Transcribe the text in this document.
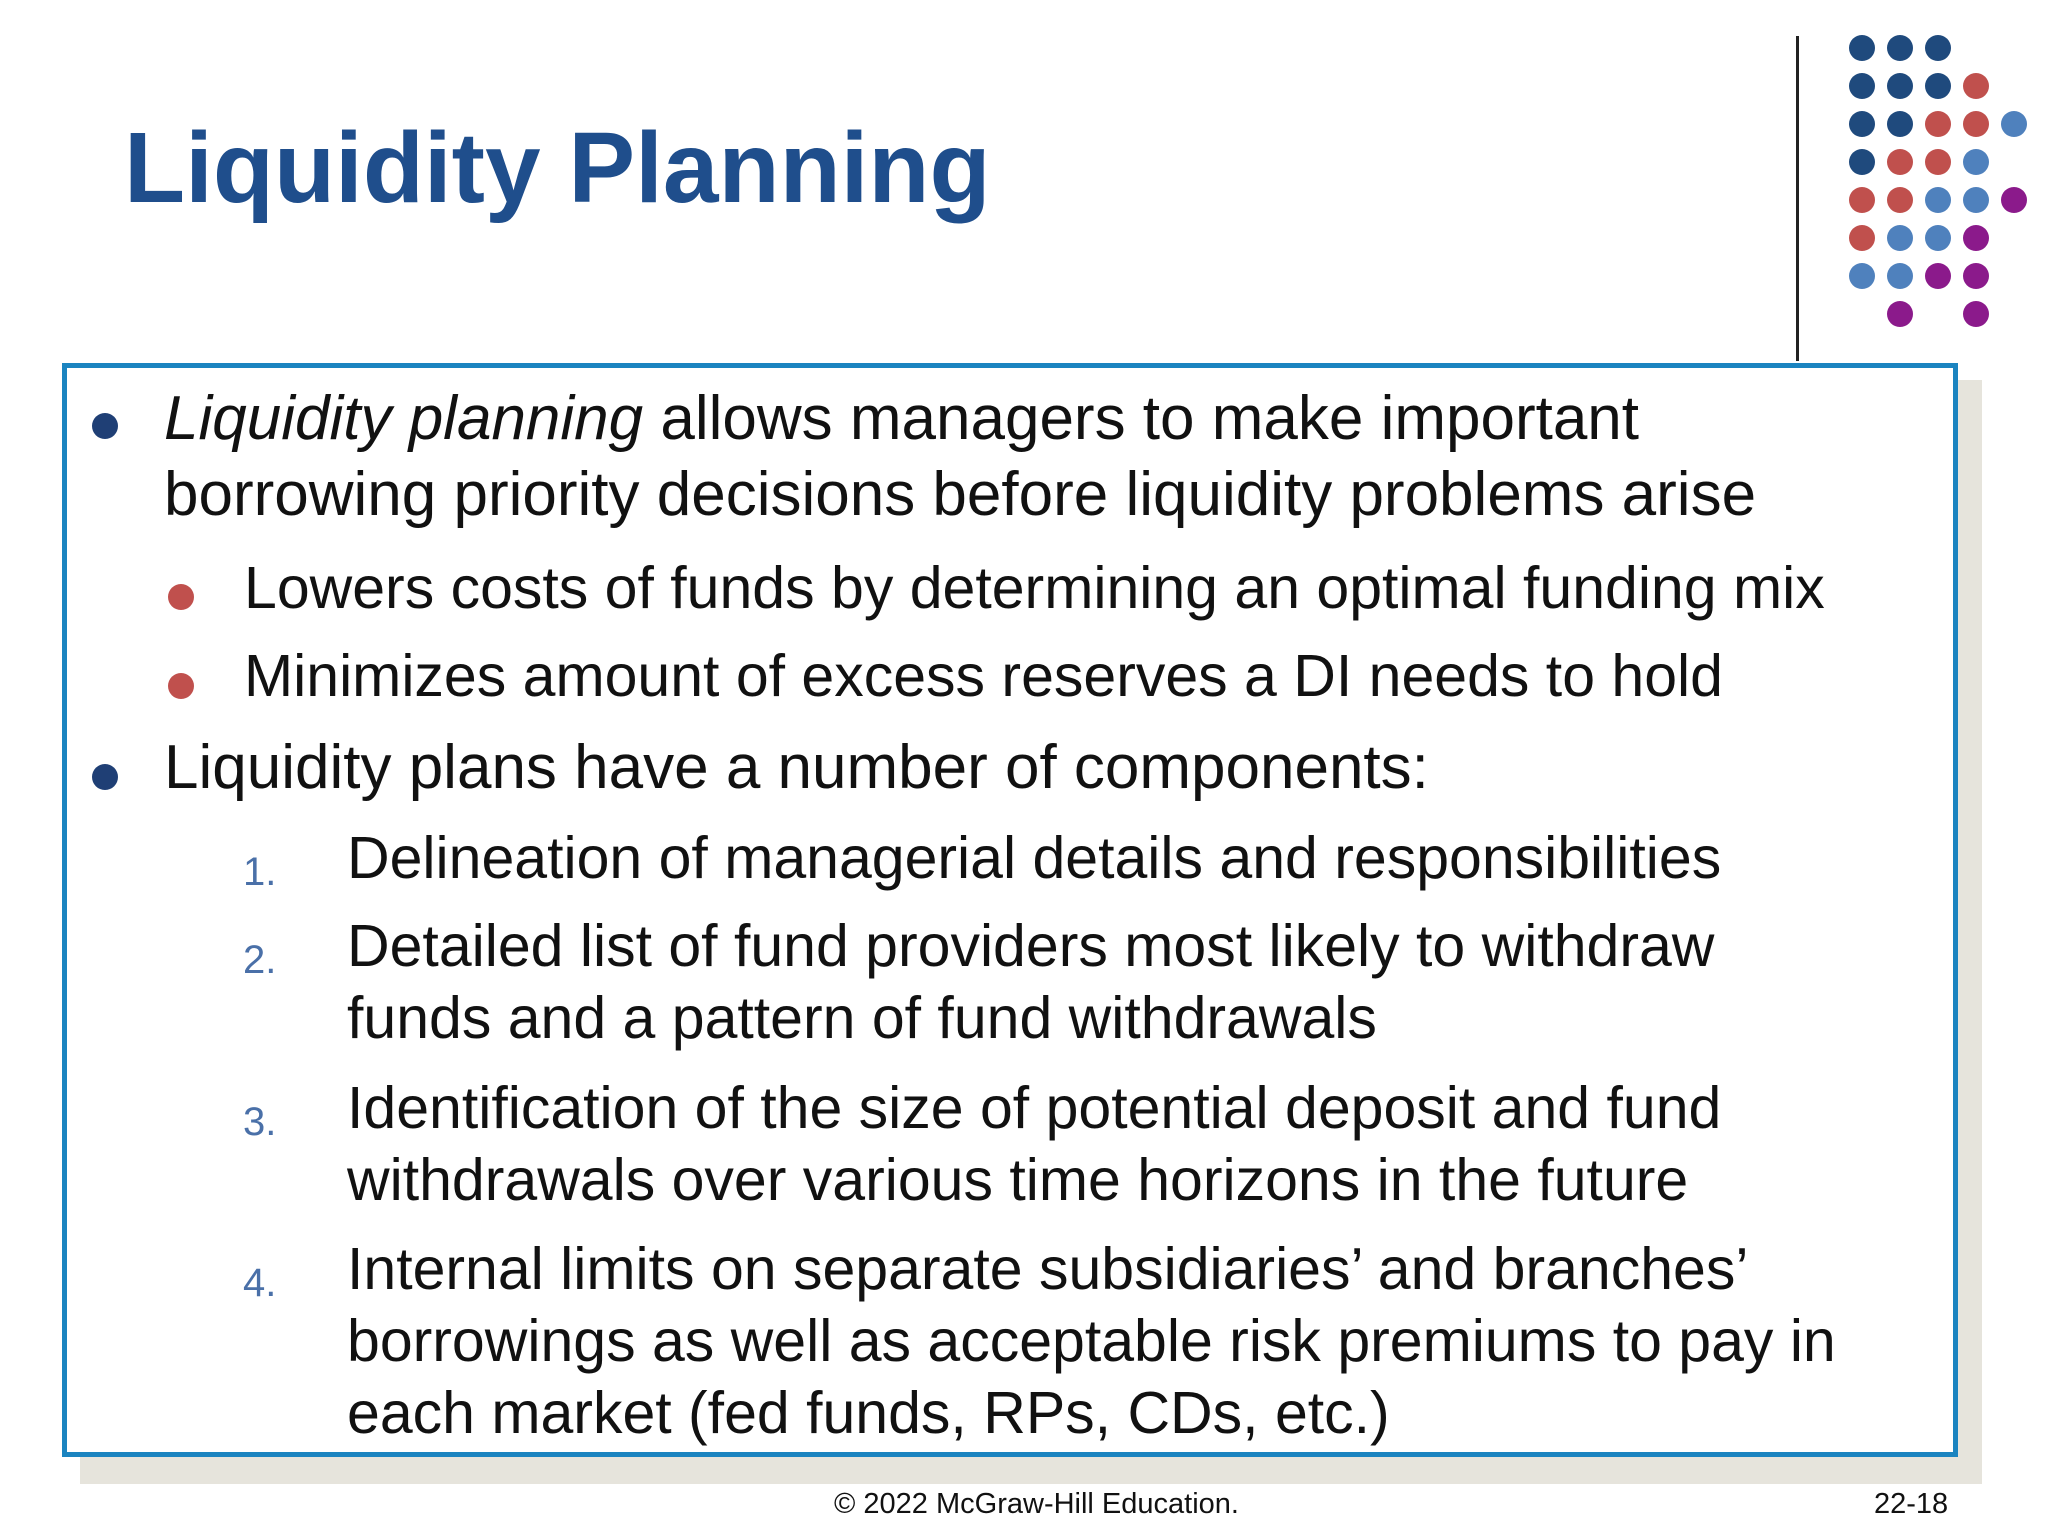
Liquidity Planning
Liquidity planning allows managers to make important
borrowing priority decisions before liquidity problems arise
Lowers costs of funds by determining an optimal funding mix
Minimizes amount of excess reserves a DI needs to hold
Liquidity plans have a number of components:
1. Delineation of managerial details and responsibilities
2. Detailed list of fund providers most likely to withdraw
funds and a pattern of fund withdrawals
3. Identification of the size of potential deposit and fund
withdrawals over various time horizons in the future
4. Internal limits on separate subsidiaries’ and branches’
borrowings as well as acceptable risk premiums to pay in
each market (fed funds, RPs, CDs, etc.)
© 2022 McGraw-Hill Education.	22-18
